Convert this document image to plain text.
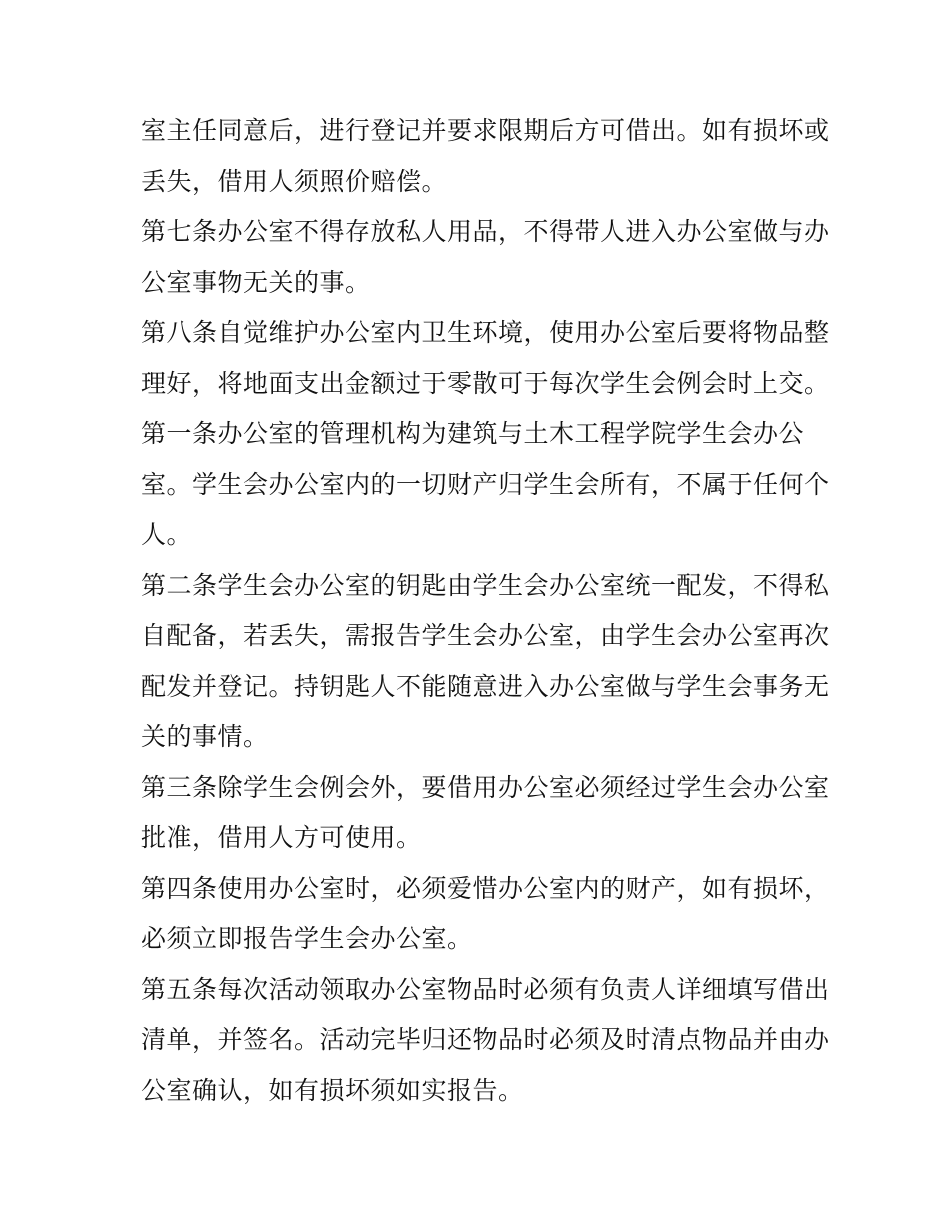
室主任同意后，进行登记并要求限期后方可借出。如有损坏或
丢失，借用人须照价赔偿。

第七条办公室不得存放私人用品，不得带人进入办公室做与办
公室事物无关的事。

第八条自觉维护办公室内卫生环境，使用办公室后要将物品整
理好，将地面支出金额过于零散可于每次学生会例会时上交。

第一条办公室的管理机构为建筑与土木工程学院学生会办公
室。学生会办公室内的一切财产归学生会所有，不属于任何个
人。

第二条学生会办公室的钥匙由学生会办公室统一配发，不得私
自配备，若丢失，需报告学生会办公室，由学生会办公室再次
配发并登记。持钥匙人不能随意进入办公室做与学生会事务无
关的事情。

第三条除学生会例会外，要借用办公室必须经过学生会办公室
批准，借用人方可使用。

第四条使用办公室时，必须爱惜办公室内的财产，如有损坏，
必须立即报告学生会办公室。

第五条每次活动领取办公室物品时必须有负责人详细填写借出
清单，并签名。活动完毕归还物品时必须及时清点物品并由办
公室确认，如有损坏须如实报告。
